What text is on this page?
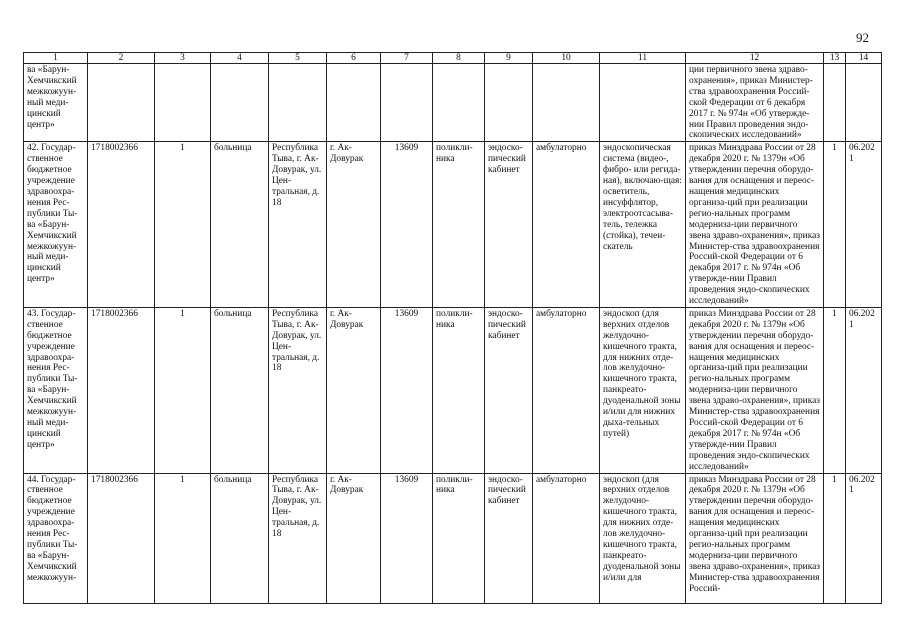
92
1	2	3	4	5	6	7	8	9	10	11	12	13	14
ва «Барун-Хемчикский межкожуун-ный меди-цинский центр»											ции первичного звена здраво-охранения», приказ Министер-ства здравоохранения Россий-ской Федерации от 6 декабря 2017 г. № 974н «Об утвержде-нии Правил проведения эндо-скопических исследований»		
42. Государ-ственное бюджетное учреждение здравоохра-нения Рес-публики Ты-ва «Барун-Хемчикский межкожуун-ный меди-цинский центр»	1718002366	1	больница	Республика Тыва, г. Ак-Довурак, ул. Цен-тральная, д. 18	г. Ак-Довурак	13609	поликли-ника	эндоско-пический кабинет	амбулаторно	эндоскопическая система (видео-, фибро- или регида-ная), включаю-щая: осветитель, инсуффлятор, электроотсасыва-тель, тележка (стойка), течеи-скатель	приказ Минздрава России от 28 декабря 2020 г. № 1379н «Об утверждении перечня оборудо-вания для оснащения и переос-нащения медицинских организа-ций при реализации регио-нальных программ модерниза-ции первичного звена здраво-охранения», приказ Министер-ства здравоохранения Россий-ской Федерации от 6 декабря 2017 г. № 974н «Об утвержде-нии Правил проведения эндо-скопических исследований»	1	06.2021
43. Государ-ственное бюджетное учреждение здравоохра-нения Рес-публики Ты-ва «Барун-Хемчикский межкожуун-ный меди-цинский центр»	1718002366	1	больница	Республика Тыва, г. Ак-Довурак, ул. Цен-тральная, д. 18	г. Ак-Довурак	13609	поликли-ника	эндоско-пический кабинет	амбулаторно	эндоскоп (для верхних отделов желудочно-кишечного тракта, для нижних отде-лов желудочно-кишечного тракта, панкреато-дуоденальной зоны и/или для нижних дыха-тельных путей)	приказ Минздрава России от 28 декабря 2020 г. № 1379н «Об утверждении перечня оборудо-вания для оснащения и переос-нащения медицинских организа-ций при реализации регио-нальных программ модерниза-ции первичного звена здраво-охранения», приказ Министер-ства здравоохранения Россий-ской Федерации от 6 декабря 2017 г. № 974н «Об утвержде-нии Правил проведения эндо-скопических исследований»	1	06.2021
44. Государ-ственное бюджетное учреждение здравоохра-нения Рес-публики Ты-ва «Барун-Хемчикский межкожуун-	1718002366	1	больница	Республика Тыва, г. Ак-Довурак, ул. Цен-тральная, д. 18	г. Ак-Довурак	13609	поликли-ника	эндоско-пический кабинет	амбулаторно	эндоскоп (для верхних отделов желудочно-кишечного тракта, для нижних отде-лов желудочно-кишечного тракта, панкреато-дуоденальной зоны и/или для	приказ Минздрава России от 28 декабря 2020 г. № 1379н «Об утверждении перечня оборудо-вания для оснащения и переос-нащения медицинских организа-ций при реализации регио-нальных программ модерниза-ции первичного звена здраво-охранения», приказ Министер-ства здравоохранения Россий-	1	06.2021
